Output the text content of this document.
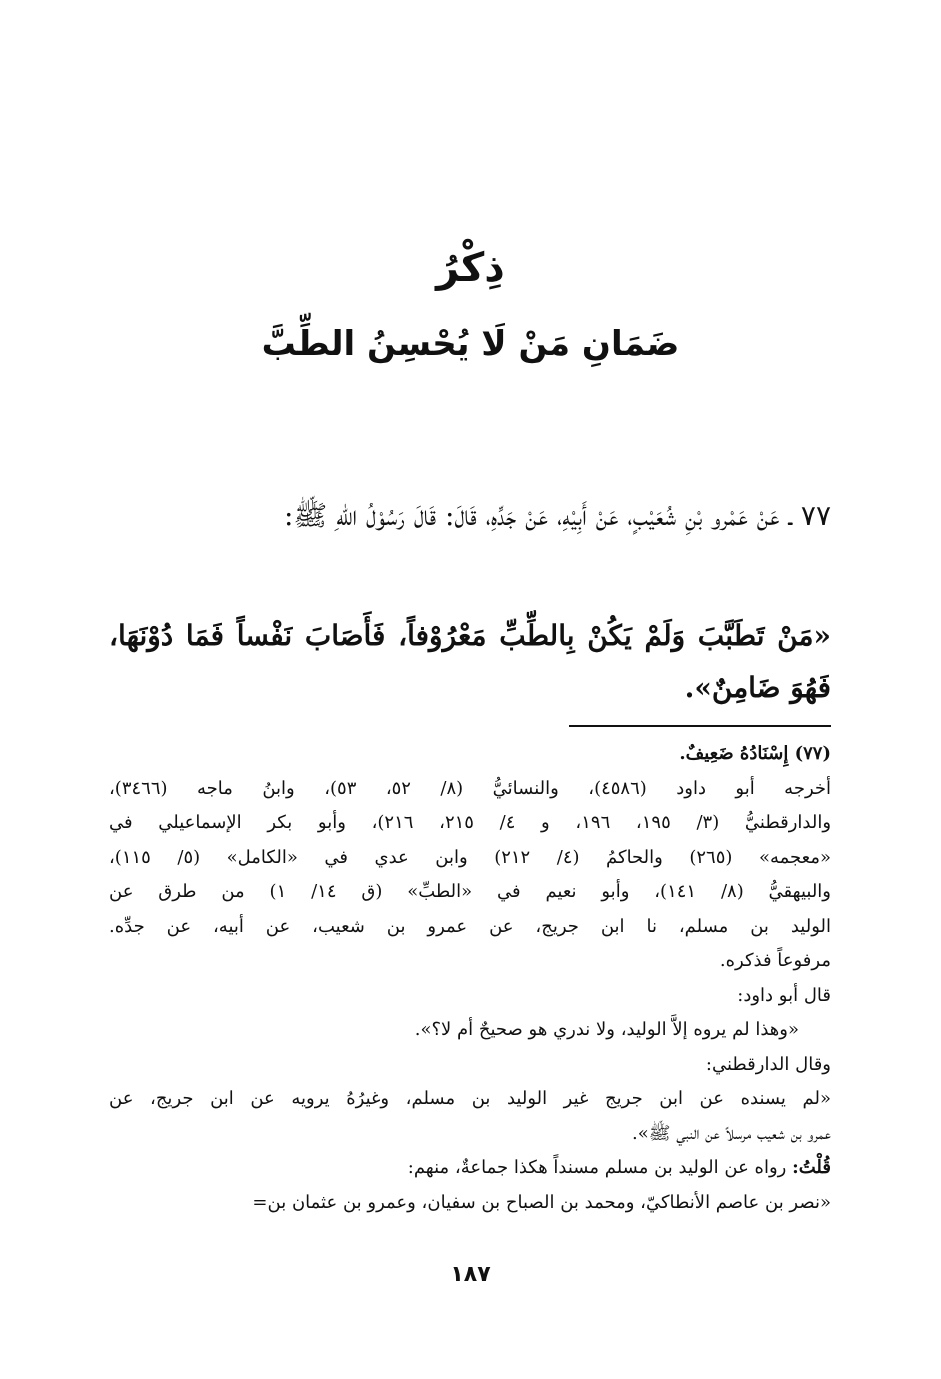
ذِكْرُ
ضَمَانِ مَنْ لَا يُحْسِنُ الطِّبَّ
٧٧ ـ عَنْ عَمْرو بْنِ شُعَيْبٍ، عَنْ أَبِيْهِ، عَنْ جَدِّهِ، قَالَ: قَالَ رَسُوْلُ اللّٰهِ ﷺ:
«مَنْ تَطَبَّبَ وَلَمْ يَكُنْ بِالطِّبِّ مَعْرُوْفاً، فَأَصَابَ نَفْساً فَمَا دُوْنَهَا، فَهُوَ ضَامِنٌ».
(٧٧) إِسْنَادُهُ ضَعِيفٌ.
أخرجه أبو داود (٤٥٨٦)، والنسائيُّ (٨/ ٥٢، ٥٣)، وابنُ ماجه (٣٤٦٦)،
والدارقطنيُّ (٣/ ١٩٥، ١٩٦، و ٤/ ٢١٥، ٢١٦)، وأبو بكر الإسماعيلي في
«معجمه» (٢٦٥) والحاكمُ (٤/ ٢١٢) وابن عدي في «الكامل» (٥/ ١١٥)،
والبيهقيُّ (٨/ ١٤١)، وأبو نعيم في «الطبِّ» (ق ١٤/ ١) من طرق عن
الوليد بن مسلم، نا ابن جريج، عن عمرو بن شعيب، عن أبيه، عن جدِّه.
مرفوعاً فذكره.
قال أبو داود:
«وهذا لم يروه إلاَّ الوليد، ولا ندري هو صحيحٌ أم لا؟».
وقال الدارقطني:
«لم يسنده عن ابن جريج غير الوليد بن مسلم، وغيرُهُ يرويه عن ابن جريج، عن
عمرو بن شعيب مرسلاً عن النبي ﷺ».
قُلْتُ: رواه عن الوليد بن مسلم مسنداً هكذا جماعةٌ، منهم:
«نصر بن عاصم الأنطاكيّ، ومحمد بن الصباح بن سفيان، وعمرو بن عثمان بن=
١٨٧
